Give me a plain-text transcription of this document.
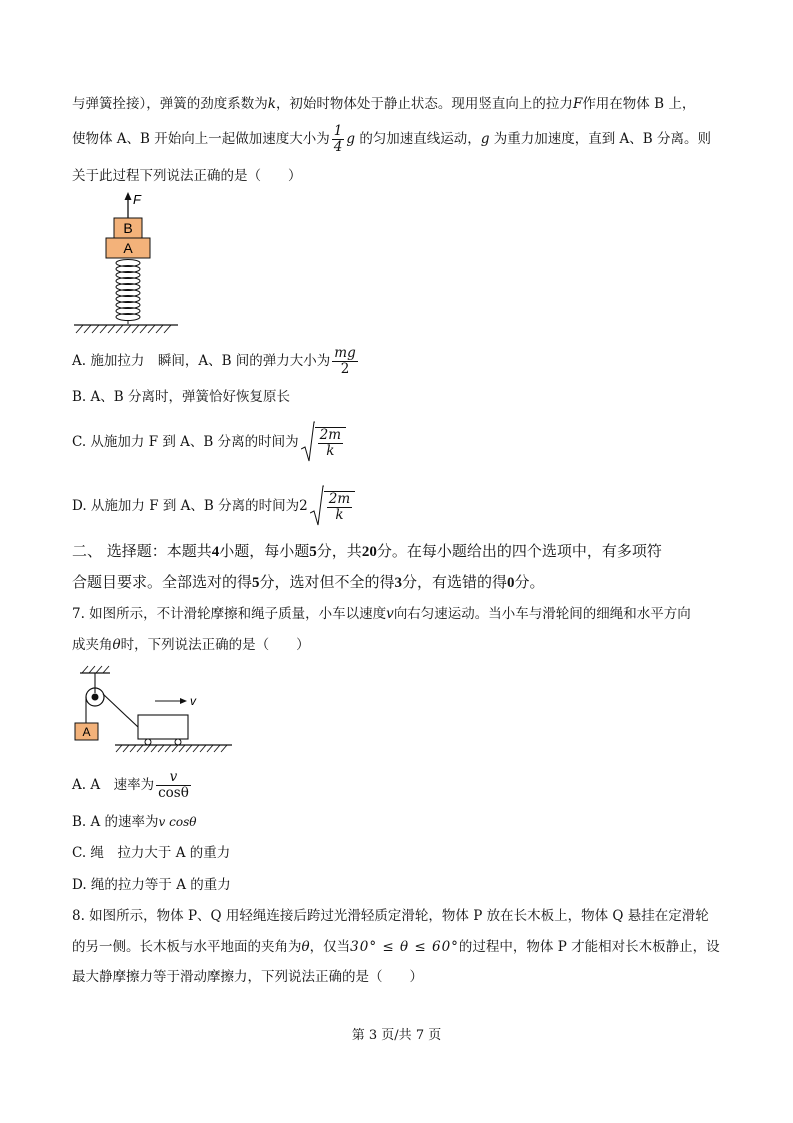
与弹簧拴接），弹簧的劲度系数为k，初始时物体处于静止状态。现用竖直向上的拉力F作用在物体 B 上，
使物体 A、B 开始向上一起做加速度大小为 $\frac{1}{4}$ g 的匀加速直线运动，g 为重力加速度，直到 A、B 分离。则
关于此过程下列说法正确的是（　　）
F
B
A
A. 施加拉力　瞬间，A、B 间的弹力大小为 $\frac{mg}{2}$
B. A、B 分离时，弹簧恰好恢复原长
C. 从施加力 F 到 A、B 分离的时间为 $\frac{2m}{k}$
D. 从施加力 F 到 A、B 分离的时间为$2 \frac{2m}{k}$
二、 选择题：本题共4小题，每小题5分，共20分。在每小题给出的四个选项中，有多项符
合题目要求。全部选对的得5分，选对但不全的得3分，有选错的得0分。
7. 如图所示，不计滑轮摩擦和绳子质量，小车以速度v向右匀速运动。当小车与滑轮间的细绳和水平方向
成夹角θ时，下列说法正确的是（　　）
A
v
A. A　速率为 $\frac{v}{\cos\theta}$
B. A 的速率为v cosθ
C. 绳　拉力大于 A 的重力
D. 绳的拉力等于 A 的重力
8. 如图所示，物体 P、Q 用轻绳连接后跨过光滑轻质定滑轮，物体 P 放在长木板上，物体 Q 悬挂在定滑轮
的另一侧。长木板与水平地面的夹角为θ，仅当30° ≤ θ ≤ 60°的过程中，物体 P 才能相对长木板静止，设
最大静摩擦力等于滑动摩擦力，下列说法正确的是（　　）
第 3 页/共 7 页
